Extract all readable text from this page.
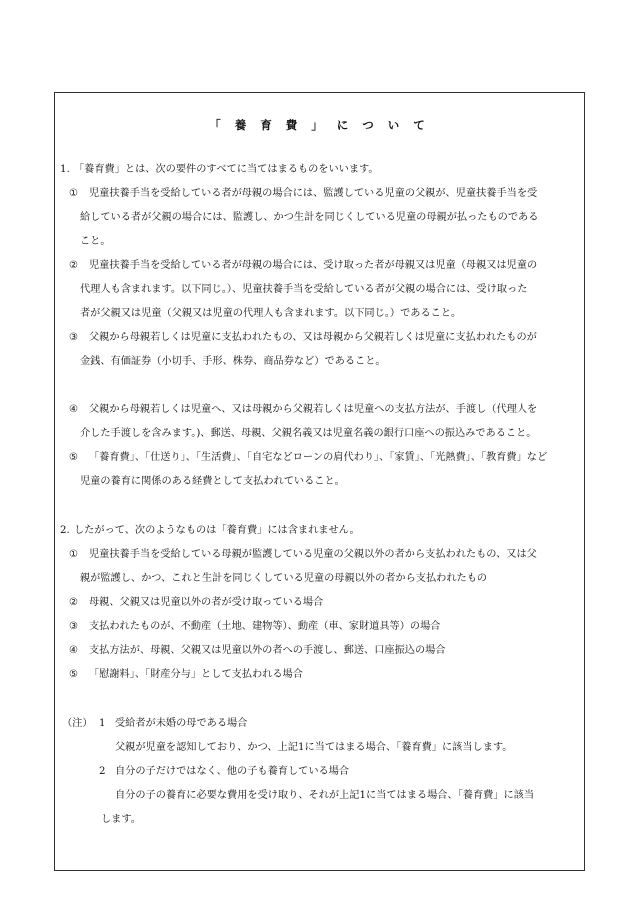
「 養 育 費 」 に つ い て
1. 「養育費」とは、次の要件のすべてに当てはまるものをいいます。
①	児童扶養手当を受給している者が母親の場合には、監護している児童の父親が、児童扶養手当を受
給している者が父親の場合には、監護し、かつ生計を同じくしている児童の母親が払ったものである
こと。
②	児童扶養手当を受給している者が母親の場合には、受け取った者が母親又は児童（母親又は児童の
代理人も含まれます。以下同じ。）、児童扶養手当を受給している者が父親の場合には、受け取った
者が父親又は児童（父親又は児童の代理人も含まれます。以下同じ。）であること。
③	父親から母親若しくは児童に支払われたもの、又は母親から父親若しくは児童に支払われたものが
金銭、有価証券（小切手、手形、株券、商品券など）であること。
④	父親から母親若しくは児童へ、又は母親から父親若しくは児童への支払方法が、手渡し（代理人を
介した手渡しを含みます。)、郵送、母親、父親名義又は児童名義の銀行口座への振込みであること。
⑤	「養育費」、「仕送り」、「生活費」、「自宅などローンの肩代わり」、「家賃」、「光熱費」、「教育費」など
児童の養育に関係のある経費として支払われていること。
2. したがって、次のようなものは「養育費」には含まれません。
①	児童扶養手当を受給している母親が監護している児童の父親以外の者から支払われたもの、又は父
親が監護し、かつ、これと生計を同じくしている児童の母親以外の者から支払われたもの
②	母親、父親又は児童以外の者が受け取っている場合
③	支払われたものが、不動産（土地、建物等）、動産（車、家財道具等）の場合
④	支払方法が、母親、父親又は児童以外の者への手渡し、郵送、口座振込の場合
⑤	「慰謝料」、「財産分与」として支払われる場合
（注） 1 受給者が未婚の母である場合
父親が児童を認知しており、かつ、上記1に当てはまる場合、「養育費」に該当します。
2 自分の子だけではなく、他の子も養育している場合
自分の子の養育に必要な費用を受け取り、それが上記1に当てはまる場合、「養育費」に該当
します。
